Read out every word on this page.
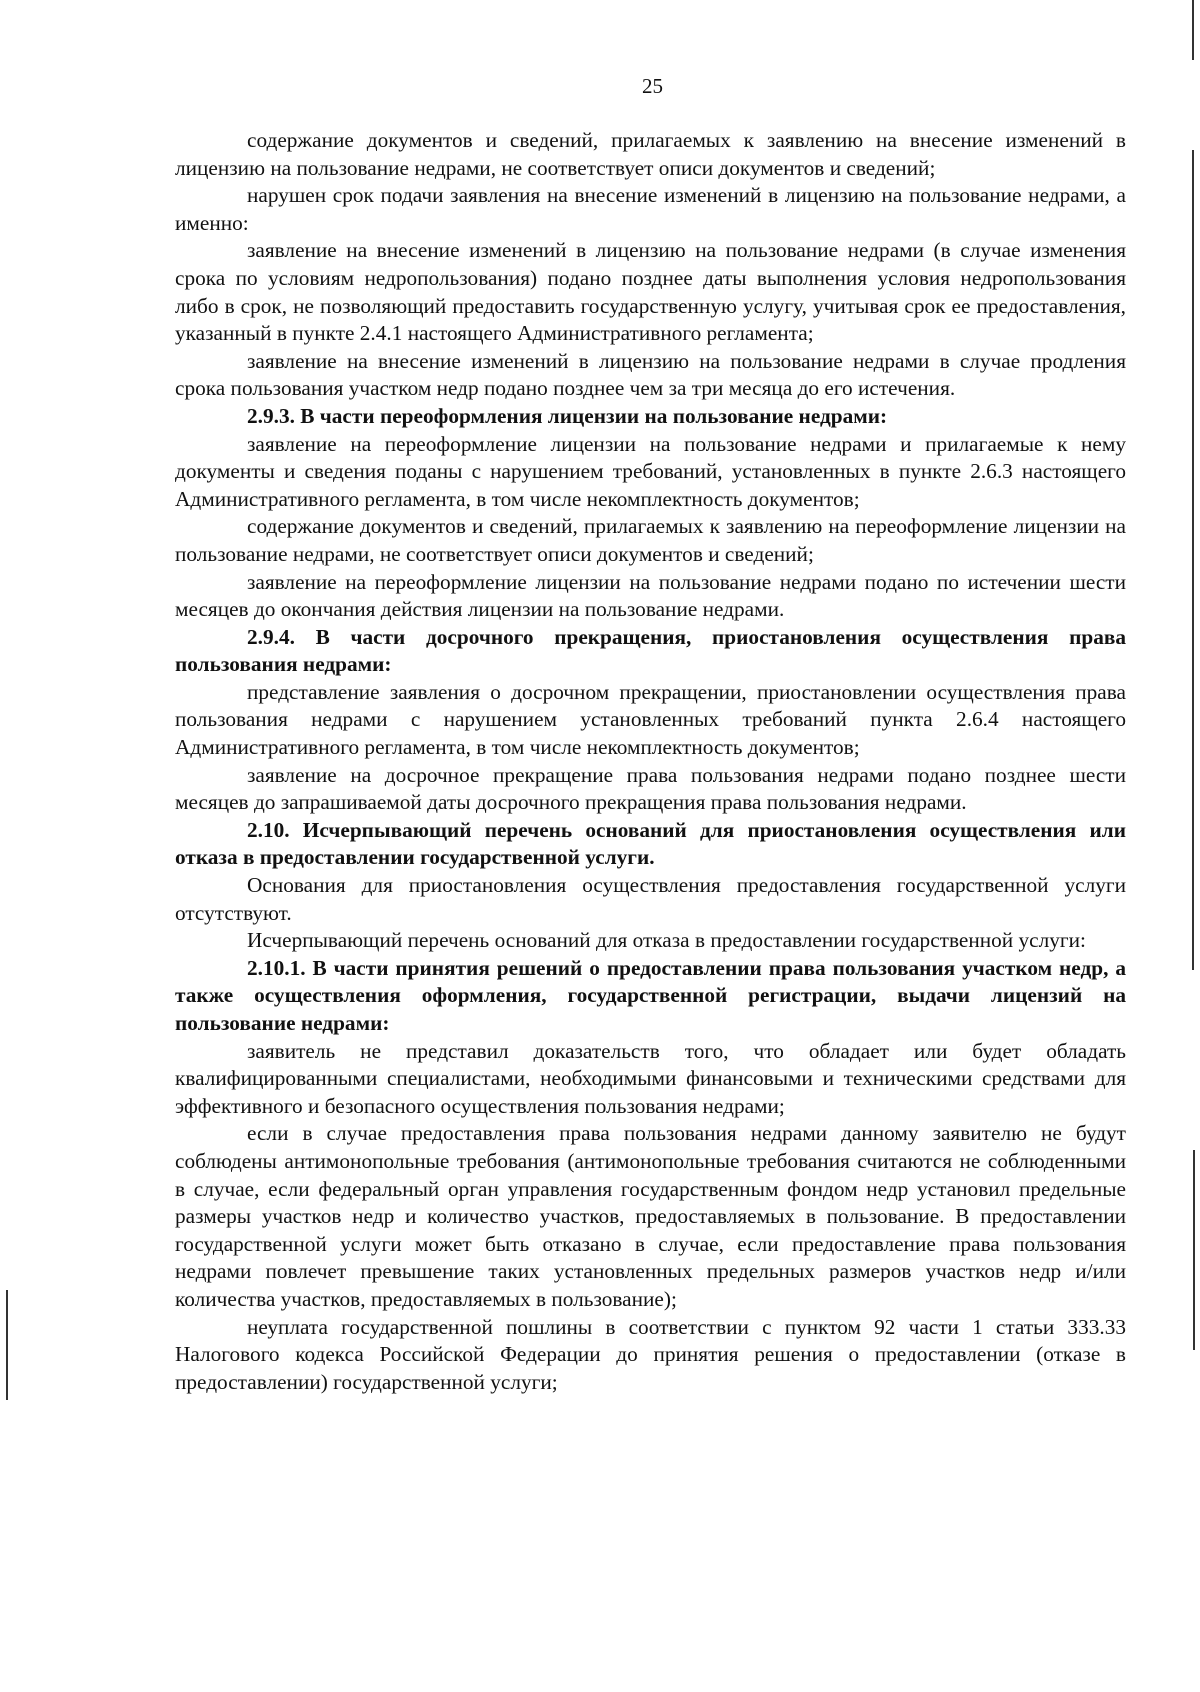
25

содержание документов и сведений, прилагаемых к заявлению на внесение изменений в лицензию на пользование недрами, не соответствует описи документов и сведений;

нарушен срок подачи заявления на внесение изменений в лицензию на пользование недрами, а именно:

заявление на внесение изменений в лицензию на пользование недрами (в случае изменения срока по условиям недропользования) подано позднее даты выполнения условия недропользования либо в срок, не позволяющий предоставить государственную услугу, учитывая срок ее предоставления, указанный в пункте 2.4.1 настоящего Административного регламента;

заявление на внесение изменений в лицензию на пользование недрами в случае продления срока пользования участком недр подано позднее чем за три месяца до его истечения.

2.9.3. В части переоформления лицензии на пользование недрами:

заявление на переоформление лицензии на пользование недрами и прилагаемые к нему документы и сведения поданы с нарушением требований, установленных в пункте 2.6.3 настоящего Административного регламента, в том числе некомплектность документов;

содержание документов и сведений, прилагаемых к заявлению на переоформление лицензии на пользование недрами, не соответствует описи документов и сведений;

заявление на переоформление лицензии на пользование недрами подано по истечении шести месяцев до окончания действия лицензии на пользование недрами.

2.9.4. В части досрочного прекращения, приостановления осуществления права пользования недрами:

представление заявления о досрочном прекращении, приостановлении осуществления права пользования недрами с нарушением установленных требований пункта 2.6.4 настоящего Административного регламента, в том числе некомплектность документов;

заявление на досрочное прекращение права пользования недрами подано позднее шести месяцев до запрашиваемой даты досрочного прекращения права пользования недрами.

2.10. Исчерпывающий перечень оснований для приостановления осуществления или отказа в предоставлении государственной услуги.

Основания для приостановления осуществления предоставления государственной услуги отсутствуют.

Исчерпывающий перечень оснований для отказа в предоставлении государственной услуги:

2.10.1. В части принятия решений о предоставлении права пользования участком недр, а также осуществления оформления, государственной регистрации, выдачи лицензий на пользование недрами:

заявитель не представил доказательств того, что обладает или будет обладать квалифицированными специалистами, необходимыми финансовыми и техническими средствами для эффективного и безопасного осуществления пользования недрами;

если в случае предоставления права пользования недрами данному заявителю не будут соблюдены антимонопольные требования (антимонопольные требования считаются не соблюденными в случае, если федеральный орган управления государственным фондом недр установил предельные размеры участков недр и количество участков, предоставляемых в пользование. В предоставлении государственной услуги может быть отказано в случае, если предоставление права пользования недрами повлечет превышение таких установленных предельных размеров участков недр и/или количества участков, предоставляемых в пользование);

неуплата государственной пошлины в соответствии с пунктом 92 части 1 статьи 333.33 Налогового кодекса Российской Федерации до принятия решения о предоставлении (отказе в предоставлении) государственной услуги;
